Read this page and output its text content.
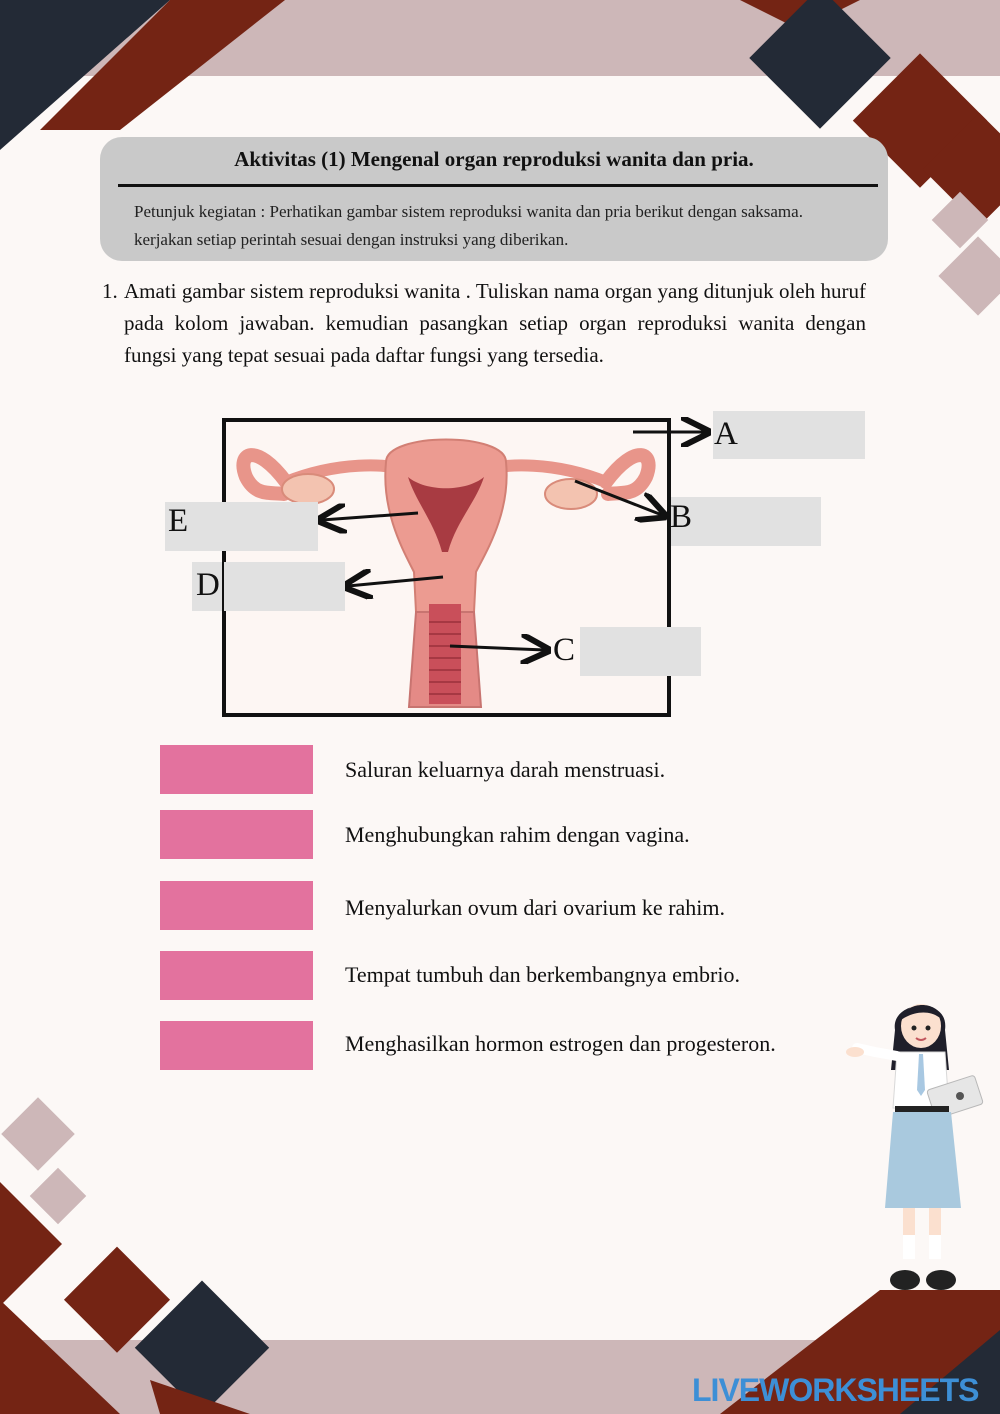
Aktivitas (1) Mengenal organ reproduksi wanita dan pria.
Petunjuk kegiatan : Perhatikan gambar sistem reproduksi wanita dan pria berikut dengan saksama. kerjakan setiap perintah sesuai dengan instruksi yang diberikan.
1. Amati gambar sistem reproduksi wanita . Tuliskan nama organ yang ditunjuk oleh huruf pada kolom jawaban. kemudian pasangkan setiap organ reproduksi wanita dengan fungsi yang tepat sesuai pada daftar fungsi yang tersedia.
A
B
C
D
E
Saluran keluarnya darah menstruasi.
Menghubungkan rahim dengan vagina.
Menyalurkan ovum dari ovarium ke rahim.
Tempat tumbuh dan berkembangnya embrio.
Menghasilkan hormon estrogen dan progesteron.
LIVEWORKSHEETS
